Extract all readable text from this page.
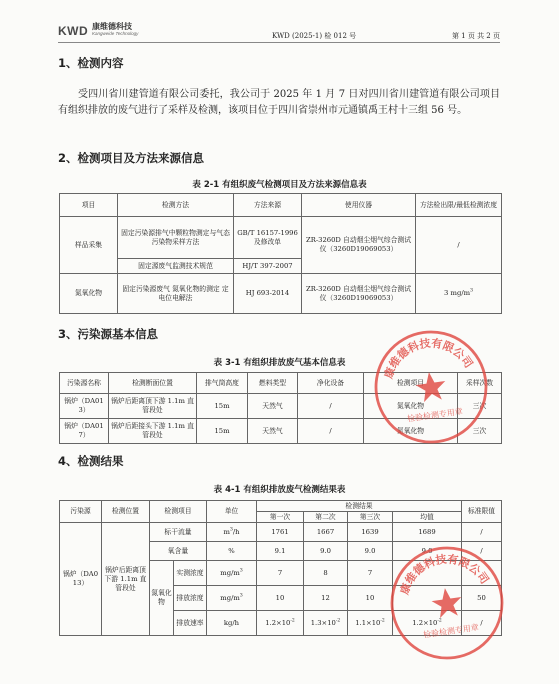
KWD 康维德科技
Kangweide Technology	KWD (2025-1) 检 012 号	第 1 页 共 2 页
1、检测内容
受四川省川建管道有限公司委托，我公司于 2025 年 1 月 7 日对四川省川建管道有限公司项目有组织排放的废气进行了采样及检测，该项目位于四川省崇州市元通镇禹王村十三组 56 号。
2、检测项目及方法来源信息
表 2-1 有组织废气检测项目及方法来源信息表
项目	检测方法	方法来源	使用仪器	方法检出限/最低检测浓度
样品采集	固定污染源排气中颗粒物测定与气态污染物采样方法	GB/T 16157-1996 及修改单	ZR-3260D 自动烟尘烟气综合测试仪（3260D19069053）	/
	固定源废气监测技术规范	HJ/T 397-2007		
氮氧化物	固定污染源废气 氮氧化物的测定 定电位电解法	HJ 693-2014	ZR-3260D 自动烟尘烟气综合测试仪（3260D19069053）	3 $mg/m^3$
3、污染源基本信息
表 3-1 有组织排放废气基本信息表
污染源名称	检测断面位置	排气筒高度	燃料类型	净化设备	检测项目	采样次数
锅炉（DA013）	锅炉后距离顶下游 1.1m 直管段处	15m	天然气	/	氮氧化物	三次
锅炉（DA017）	锅炉后距接头下游 1.1m 直管段处	15m	天然气	/	氮氧化物	三次
4、检测结果
表 4-1 有组织排放废气检测结果表
污染源	检测位置	检测项目		单位	检测结果				标准限值
					第一次	第二次	第三次	均值	
锅炉（DA013）	锅炉后距离顶下游 1.1m 直管段处	标干流量		$m^3/h$	1761	1667	1639	1689	/
		氧含量		%	9.1	9.0	9.0	9.0	/
		氮氧化物	实测浓度	$mg/m^3$	7	8	7		
			排放浓度	$mg/m^3$	10	12	10		50
			排放速率	kg/h	$1.2\times 10^{-2}$	$1.3\times 10^{-2}$	$1.1\times 10^{-2}$	$1.2\times 10^{-2}$	/
康维德科技有限公司
检验检测专用章
康维德科技有限公司
检验检测专用章
